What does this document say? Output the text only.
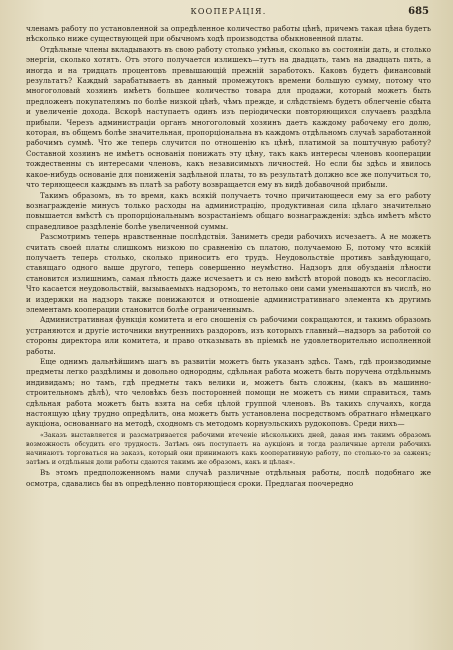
КООПЕРАЦІЯ.	685

членамъ работу по установленной за опредѣленное количество работы цѣнѣ, причемъ такая цѣна будетъ нѣсколько ниже существующей при обычномъ ходѣ производства обыкновенной платы.

Отдѣльные члены вкладываютъ въ свою работу столько умѣнья, сколько въ состояніи дать, и столько энергіи, сколько хотятъ. Отъ этого получается излишекъ—тутъ на двадцать, тамъ на двадцать пять, а иногда и на тридцать процентовъ превышающій прежній заработокъ. Каковъ будетъ финансовый результатъ? Каждый зарабатываетъ въ данный промежутокъ времени большую сумму, потому что многоголовый хозяинъ имѣетъ большее количество товара для продажи, который можетъ быть предложенъ покупателямъ по болѣе низкой цѣнѣ, чѣмъ прежде, и слѣдствіемъ будетъ облегченіе сбыта и увеличеніе дохода. Вскорѣ наступаетъ одинъ изъ періодически повторяющихся случаевъ раздѣла прибыли. Черезъ администраціи органъ многоголовый хозяинъ даетъ каждому рабочему его долю, которая, въ общемъ болѣе значительная, пропорціональна въ каждомъ отдѣльномъ случаѣ заработанной рабочимъ суммѣ. Что же теперь случится по отношенію къ цѣнѣ, платимой за поштучную работу? Составной хозяинъ не имѣетъ основанія понижать эту цѣну, такъ какъ интересы членовъ кооперации тождественны съ интересами членовъ, какъ независимыхъ личностей. Но если бы здѣсь и явилось какое-нибудь основаніе для пониженія задѣльной платы, то въ результатѣ должно все же получиться то, что теряющееся каждымъ въ платѣ за работу возвращается ему въ видѣ добавочной прибыли.

Такимъ образомъ, въ то время, какъ всякій получаетъ точно причитающееся ему за его работу вознагражденіе минусъ только расходы на администрацію, продуктивная сила цѣлаго значительно повышается вмѣстѣ съ пропорціональнымъ возрастаніемъ общаго вознагражденія: здѣсь имѣетъ мѣсто справедливое раздѣленіе болѣе увеличенной суммы.

Разсмотримъ теперь нравственные послѣдствія. Заниметъ среди рабочихъ исчезаетъ. А не можетъ считать своей платы слишкомъ низкою по сравненію съ платою, получаемою Б, потому что всякій получаетъ теперь столько, сколько приноситъ его трудъ. Неудовольствіе противъ завѣдующаго, ставящаго одного выше другого, теперь совершенно неумѣстно. Надзоръ для обузданія лѣности становится излишнимъ, самая лѣность даже исчезаетъ и съ нею вмѣстѣ второй поводъ къ несогласію. Что касается неудовольствій, вызываемыхъ надзоромъ, то нетолько они сами уменьшаются въ числѣ, но и издержки на надзоръ также понижаются и отношеніе административнаго элемента къ другимъ элементамъ кооперации становится болѣе ограниченнымъ.

Административная функція комитета и его сношенія съ рабочими сокращаются, и такимъ образомъ устраняются и другіе источники внутреннихъ раздоровъ, изъ которыхъ главный—надзоръ за работой со стороны директора или комитета, и право отказывать въ пріемкѣ не удовлетворительно исполненной работы.

Еще однимъ дальнѣйшимъ шагъ въ развитіи можетъ быть указанъ здѣсь. Тамъ, гдѣ производимые предметы легко раздѣлимы и довольно однородны, сдѣльная работа можетъ быть поручена отдѣльнымъ индивидамъ; но тамъ, гдѣ предметы такъ велики и, можетъ быть сложны, (какъ въ машинно-строительномъ дѣлѣ), что человѣкъ безъ посторонней помощи не можетъ съ ними справиться, тамъ сдѣльная работа можетъ быть взята на себя цѣлой группой членовъ. Въ такихъ случаяхъ, когда настоящую цѣну трудно опредѣлить, она можетъ быть установлена посредствомъ обратнаго нѣмецкаго аукціона, основаннаго на методѣ, сходномъ съ методомъ корнуэльскихъ рудокоповъ. Среди нихъ—

«Заказъ выставляется и разсматривается рабочими втеченіе нѣсколькихъ дней, давая имъ такимъ образомъ возможность обсудить его трудность. Затѣмъ онъ поступаетъ на аукціонъ и тогда различные артели рабочихъ начинаютъ торговаться на заказъ, который они принимаютъ какъ кооперативную работу, по столько-то за саженъ; затѣмъ и отдѣльныя доли работы сдаются такимъ же образомъ, какъ и цѣлая».

Въ этомъ предположенномъ нами случаѣ различные отдѣльныя работы, послѣ подобнаго же осмотра, сдавались бы въ опредѣленно повторяющіеся сроки. Предлагая поочередно
